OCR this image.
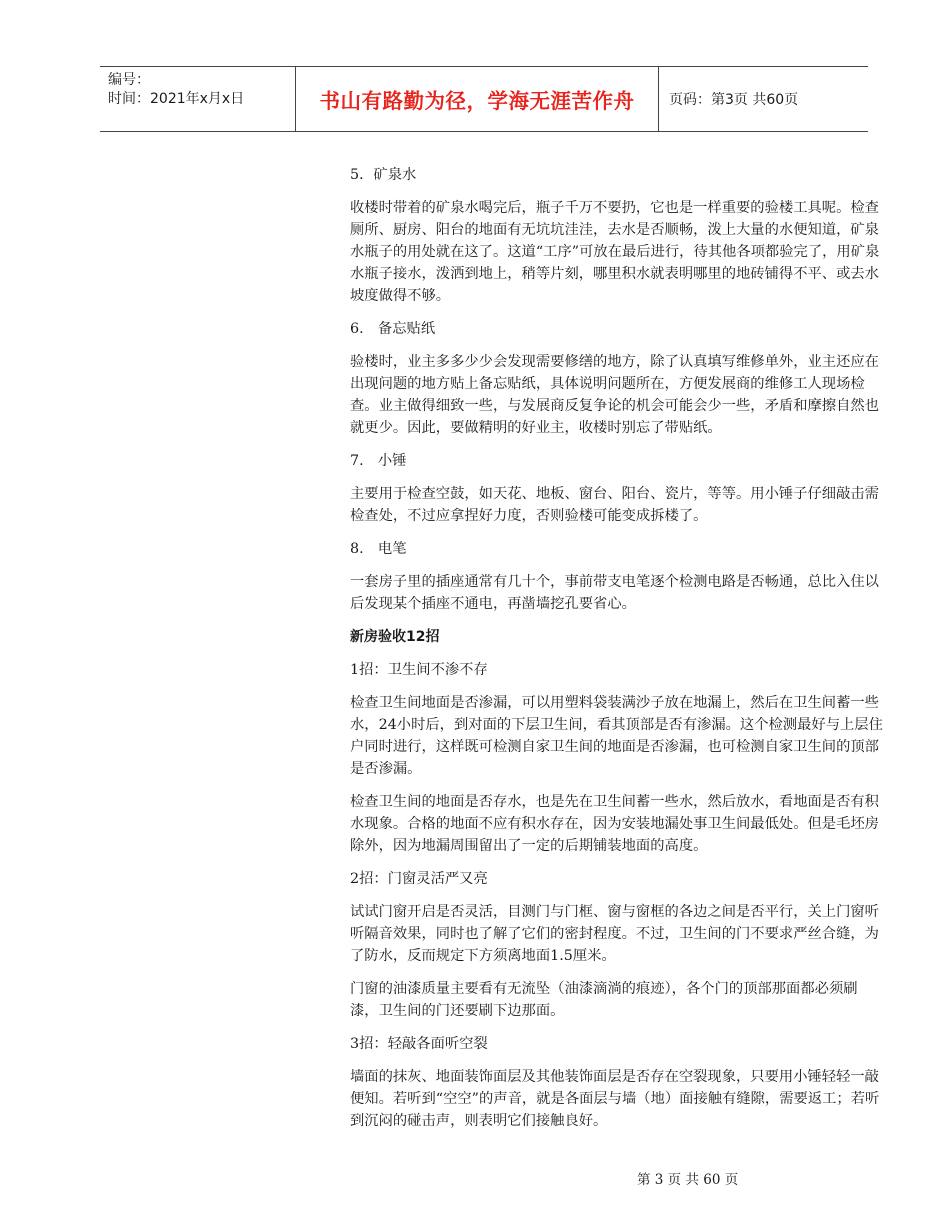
编号：
时间：2021年x月x日	书山有路勤为径，学海无涯苦作舟	页码：第3页 共60页

5．矿泉水

收楼时带着的矿泉水喝完后，瓶子千万不要扔，它也是一样重要的验楼工具呢。检查厕所、厨房、阳台的地面有无坑坑洼洼，去水是否顺畅，泼上大量的水便知道，矿泉水瓶子的用处就在这了。这道“工序”可放在最后进行，待其他各项都验完了，用矿泉水瓶子接水，泼洒到地上，稍等片刻，哪里积水就表明哪里的地砖铺得不平、或去水坡度做得不够。

6.　备忘贴纸

验楼时，业主多多少少会发现需要修缮的地方，除了认真填写维修单外，业主还应在出现问题的地方贴上备忘贴纸，具体说明问题所在，方便发展商的维修工人现场检查。业主做得细致一些，与发展商反复争论的机会可能会少一些，矛盾和摩擦自然也就更少。因此，要做精明的好业主，收楼时别忘了带贴纸。

7.　小锤

主要用于检查空鼓，如天花、地板、窗台、阳台、瓷片，等等。用小锤子仔细敲击需检查处，不过应拿捏好力度，否则验楼可能变成拆楼了。

8.　电笔

一套房子里的插座通常有几十个，事前带支电笔逐个检测电路是否畅通，总比入住以后发现某个插座不通电，再凿墙挖孔要省心。

新房验收12招

1招：卫生间不渗不存

检查卫生间地面是否渗漏，可以用塑料袋装满沙子放在地漏上，然后在卫生间蓄一些水，24小时后，到对面的下层卫生间，看其顶部是否有渗漏。这个检测最好与上层住户同时进行，这样既可检测自家卫生间的地面是否渗漏，也可检测自家卫生间的顶部是否渗漏。

检查卫生间的地面是否存水，也是先在卫生间蓄一些水，然后放水，看地面是否有积水现象。合格的地面不应有积水存在，因为安装地漏处事卫生间最低处。但是毛坯房除外，因为地漏周围留出了一定的后期铺装地面的高度。

2招：门窗灵活严又亮

试试门窗开启是否灵活，目测门与门框、窗与窗框的各边之间是否平行，关上门窗听听隔音效果，同时也了解了它们的密封程度。不过，卫生间的门不要求严丝合缝，为了防水，反而规定下方须离地面1.5厘米。

门窗的油漆质量主要看有无流坠（油漆滴淌的痕迹），各个门的顶部那面都必须刷漆，卫生间的门还要刷下边那面。

3招：轻敲各面听空裂

墙面的抹灰、地面装饰面层及其他装饰面层是否存在空裂现象，只要用小锤轻轻一敲便知。若听到“空空”的声音，就是各面层与墙（地）面接触有缝隙，需要返工；若听到沉闷的碰击声，则表明它们接触良好。

第 3 页 共 60 页
